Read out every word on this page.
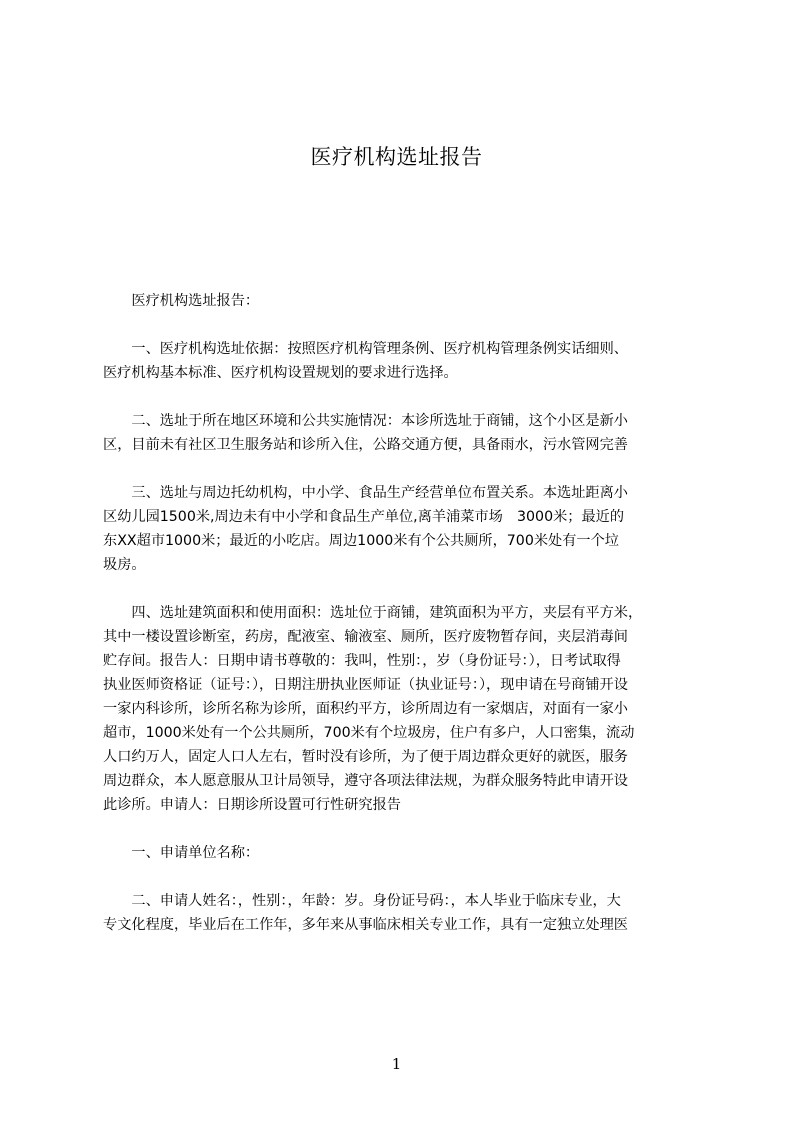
医疗机构选址报告

医疗机构选址报告：

一、医疗机构选址依据：按照医疗机构管理条例、医疗机构管理条例实话细则、
医疗机构基本标准、医疗机构设置规划的要求进行选择。

二、选址于所在地区环境和公共实施情况：本诊所选址于商铺，这个小区是新小
区，目前未有社区卫生服务站和诊所入住，公路交通方便，具备雨水，污水管网完善

三、选址与周边托幼机构，中小学、食品生产经营单位布置关系。本选址距离小
区幼儿园1500米,周边未有中小学和食品生产单位,离羊浦菜市场　3000米；最近的
东XX超市1000米；最近的小吃店。周边1000米有个公共厕所，700米处有一个垃
圾房。

四、选址建筑面积和使用面积：选址位于商铺，建筑面积为平方，夹层有平方米，
其中一楼设置诊断室，药房，配液室、输液室、厕所，医疗废物暂存间，夹层消毒间
贮存间。报告人：日期申请书尊敬的：我叫，性别：，岁（身份证号：），日考试取得
执业医师资格证（证号：），日期注册执业医师证（执业证号：），现申请在号商铺开设
一家内科诊所，诊所名称为诊所，面积约平方，诊所周边有一家烟店，对面有一家小
超市，1000米处有一个公共厕所，700米有个垃圾房，住户有多户，人口密集，流动
人口约万人，固定人口人左右，暂时没有诊所，为了便于周边群众更好的就医，服务
周边群众，本人愿意服从卫计局领导，遵守各项法律法规，为群众服务特此申请开设
此诊所。申请人：日期诊所设置可行性研究报告

一、申请单位名称：

二、申请人姓名：，性别：，年龄：岁。身份证号码：，本人毕业于临床专业，大
专文化程度，毕业后在工作年，多年来从事临床相关专业工作，具有一定独立处理医

1
